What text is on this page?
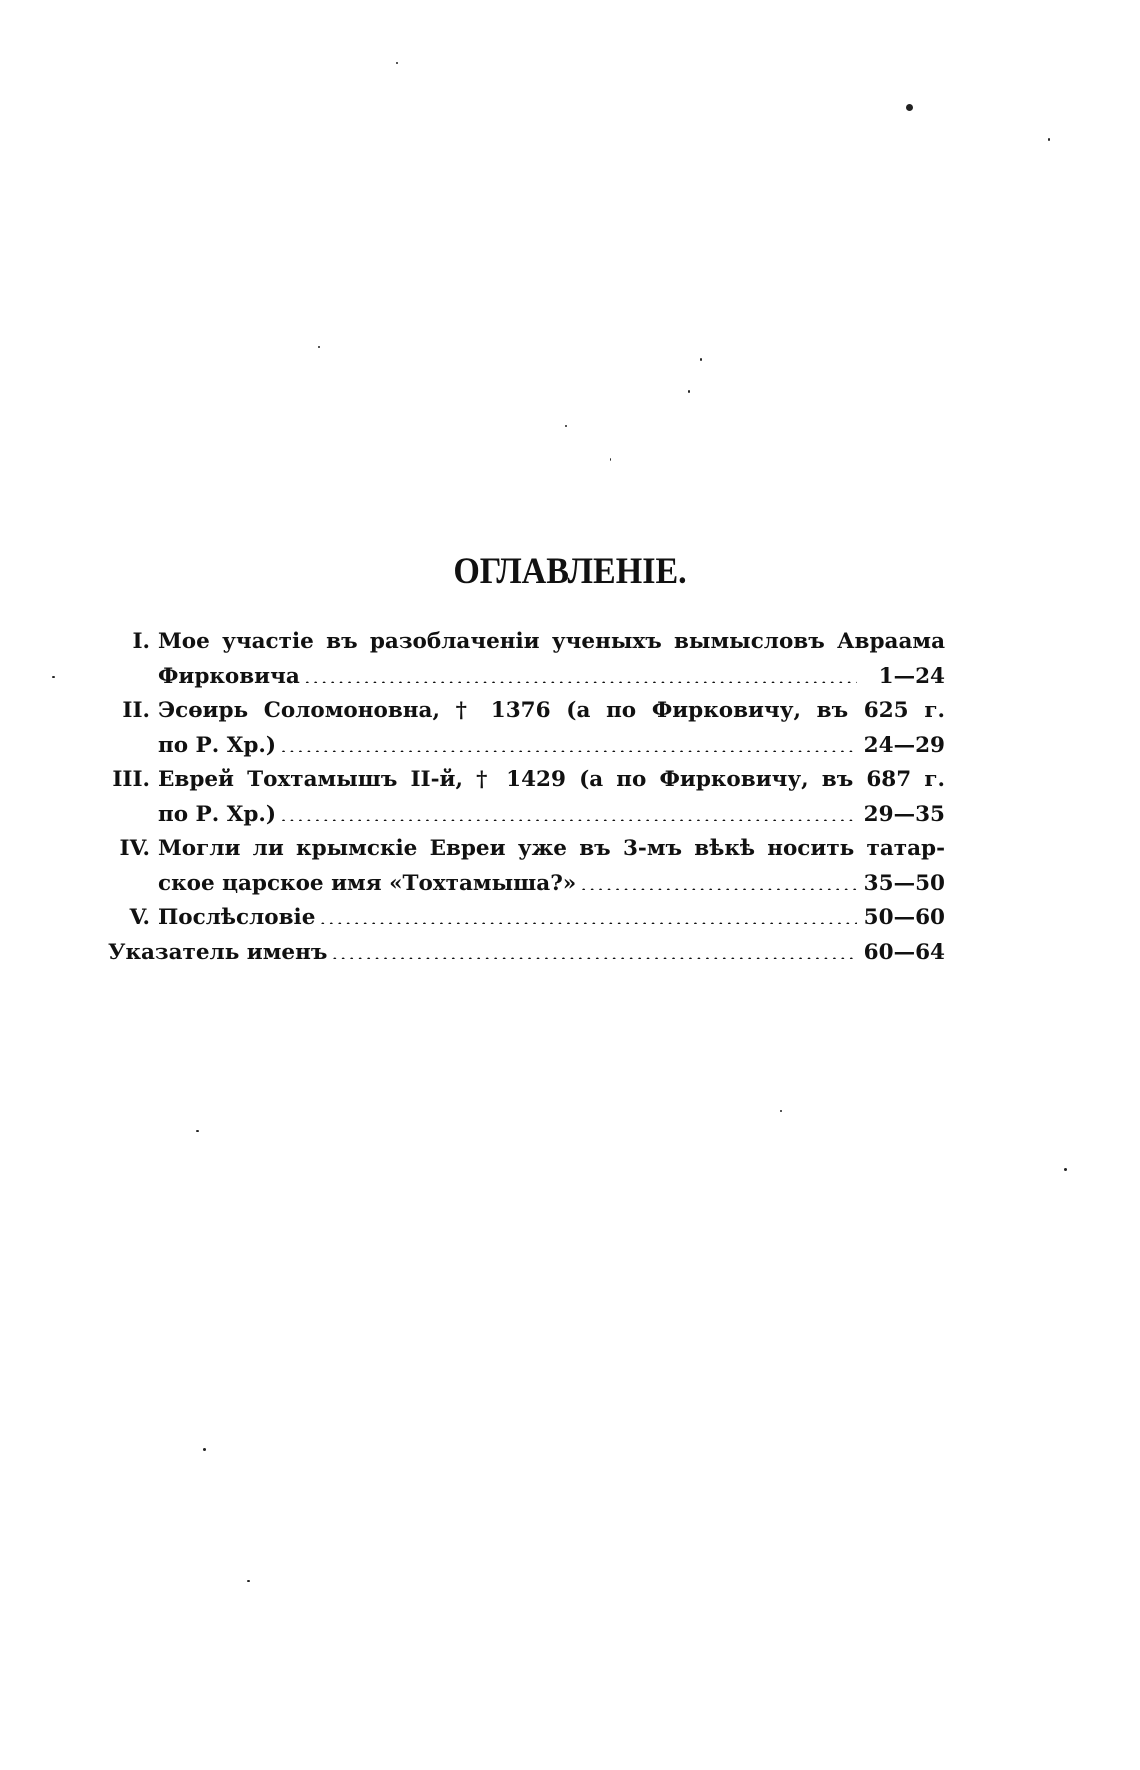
ОГЛАВЛЕНІЕ.
I. Мое участіе въ разоблаченіи ученыхъ вымысловъ Авраама
Фирковича . . .	1—24
II. Эсөирь Соломоновна, † 1376 (а по Фирковичу, въ 625 г.
по Р. Хр.) . . .	24—29
III. Еврей Тохтамышъ II-й, † 1429 (а по Фирковичу, въ 687 г.
по Р. Хр.) . . .	29—35
IV. Могли ли крымскіе Евреи уже въ 3-мъ вѣкѣ носить татар-
ское царское имя «Тохтамыша?» . . .	35—50
V. Послѣсловіе . . .	50—60
Указатель именъ . . .	60—64
